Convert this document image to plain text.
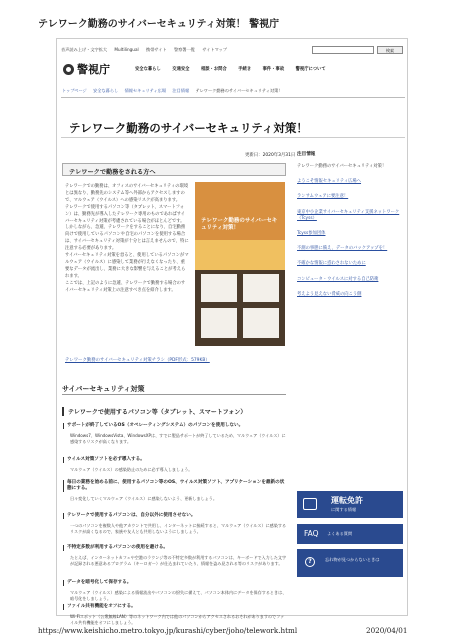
テレワーク勤務のサイバーセキュリティ対策！ 警視庁
音声読み上げ・文字拡大 Multilingual 携帯サイト 警察署一覧 サイトマップ	検索
警視庁	安全な暮らし	交通安全	相談・お問合	手続き	事件・事故	警視庁について
トップページ 安全な暮らし 情報セキュリティ広場 注目情報 テレワーク勤務のサイバーセキュリティ対策！
テレワーク勤務のサイバーセキュリティ対策！
更新日：2020年3月31日
テレワークで勤務をされる方へ

テレワークでの勤務は、オフィスのサイバーセキュリティの環境とは異なり、勤務先のシステム等へ外部からアクセスしますので、マルウェア（ウイルス）への感染リスクが高まります。

テレワークで使用するパソコン等（タブレット、スマートフォン）は、勤務先が導入したテレワーク専用のものであればサイバーセキュリティ対策が考慮されている場合がほとんどです。

しかしながら、急遽、テレワークをすることになり、自宅勤務向けで使用しているパソコンや自宅のパソコンを使用する場合は、サイバーセキュリティ対策が十分とは言えませんので、特に注意する必要があります。

サイバーセキュリティ対策を怠ると、使用しているパソコンがマルウェア（ウイルス）に感染して業務が行えなくなったり、重要なデータが流出し、業務に大きな影響を与えることが考えられます。

ここでは、上記のように急遽、テレワークで勤務する場合のサイバーセキュリティ対策上の注意すべき点を紹介します。

テレワーク勤務のサイバーセキュリティ対策！
テレワーク勤務のサイバーセキュリティ対策チラシ（PDF形式：579KB）
サイバーセキュリティ対策
テレワークで使用するパソコン等（タブレット、スマートフォン）
サポートが終了しているOS（オペレーティングシステム）のパソコンを使用しない。
Windows7、WindowsVista、WindowsXPは、すでに製品サポートが終了しているため、マルウェア（ウイルス）に感染するリスクが高くなります。
ウイルス対策ソフトを必ず導入する。
マルウェア（ウイルス）の感染防止のために必ず導入しましょう。
毎日の業務を始める前に、使用するパソコン等のOS、ウイルス対策ソフト、アプリケーションを最新の状態にする。
日々変化していくマルウェア（ウイルス）に感染しないよう、更新しましょう。
テレワークで使用するパソコンは、自分以外に使用させない。
一つのパソコンを複数人や他アカウントで共用し、インターネットに接続すると、マルウェア（ウイルス）に感染するリスクが高くなるので、家族や友人とも共用しないようにしましょう。
不特定多数が利用するパソコンの使用を避ける。
たとえば、インターネットカフェや空港のラウンジ等の不特定多数が利用するパソコンは、キーボードで入力した文字が記録される悪意あるプログラム（キーロガー）が仕込まれていたり、情報を盗み見される等のリスクがあります。
データを暗号化して保存する。
マルウェア（ウイルス）感染による情報流出やパソコンの紛失に備えて、パソコン本体内にデータを保存するときは、暗号化をしましょう。
ファイル共有機能をオフにする。
Wi-Fiスポット（公衆無線LAN）等のネットワーク内では他のパソコンからアクセスされるおそれがありますのでファイル共有機能をオフにしましょう。
注目情報
テレワーク勤務のサイバーセキュリティ対策！
ようこそ情報セキュリティ広場へ
ランサムウェアに要注意！
東京中小企業サイバーセキュリティ支援ネットワーク（Tcyss）
Tcyss参加団体
不測の事態に備え、データのバックアップを！
不確かな情報に惑わされないために
コンピュータ・ウイルスに対する自己防衛
考えよう見えない脅威の向こう側
運転免許
に関する情報
FAQ よくある質問
?	忘れ物が見つからないときは
https://www.keishicho.metro.tokyo.jp/kurashi/cyber/joho/telework.html	2020/04/01
